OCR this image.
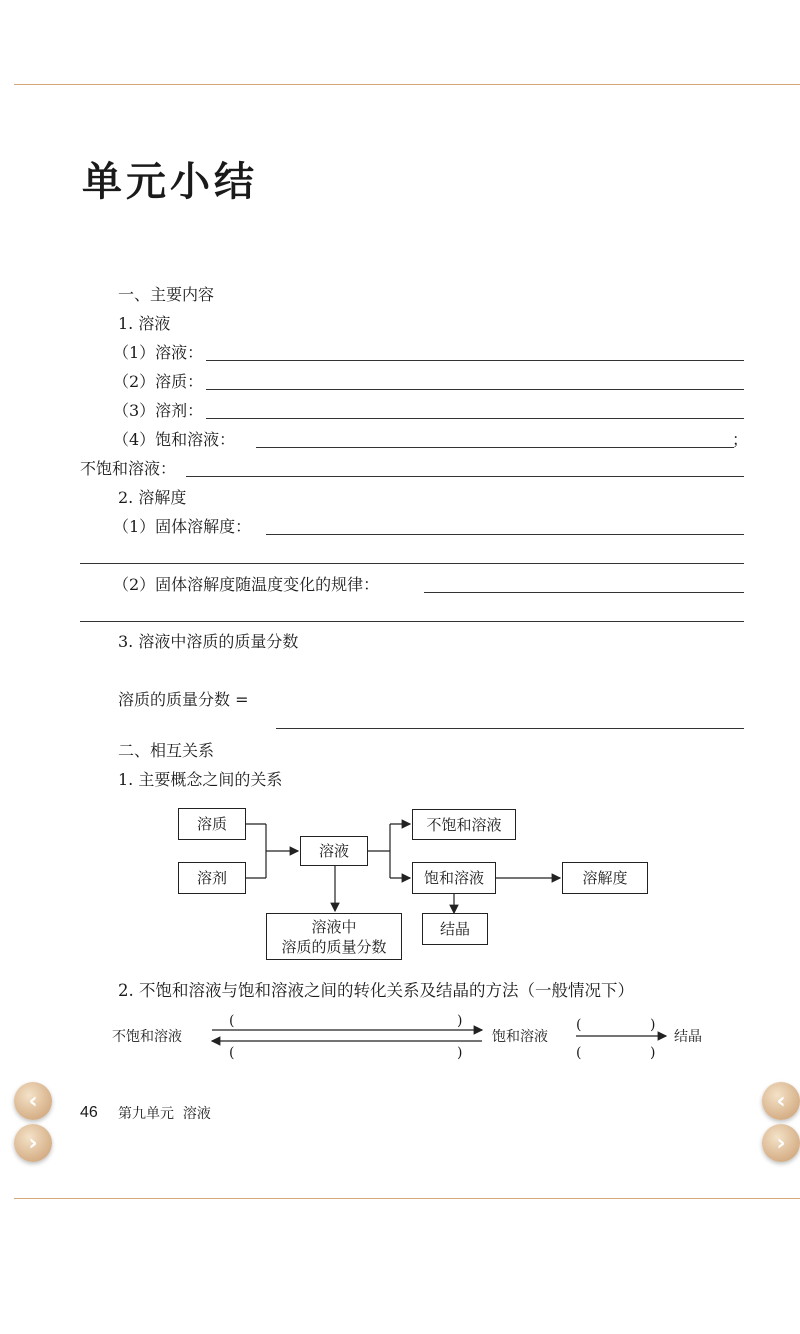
单元小结
一、主要内容
1. 溶液
（1）溶液：
（2）溶质：
（3）溶剂：
（4）饱和溶液：	；
不饱和溶液：
2. 溶解度
（1）固体溶解度：
（2）固体溶解度随温度变化的规律：
3. 溶液中溶质的质量分数
溶质的质量分数 =
二、相互关系
1. 主要概念之间的关系
溶质
溶剂
溶液
不饱和溶液
饱和溶液	溶解度
结晶
溶液中
溶质的质量分数
2. 不饱和溶液与饱和溶液之间的转化关系及结晶的方法（一般情况下）
不饱和溶液	饱和溶液	结晶
(	)
(	)
(	)
(	)
46 第九单元  溶液
‹
›
‹
›
